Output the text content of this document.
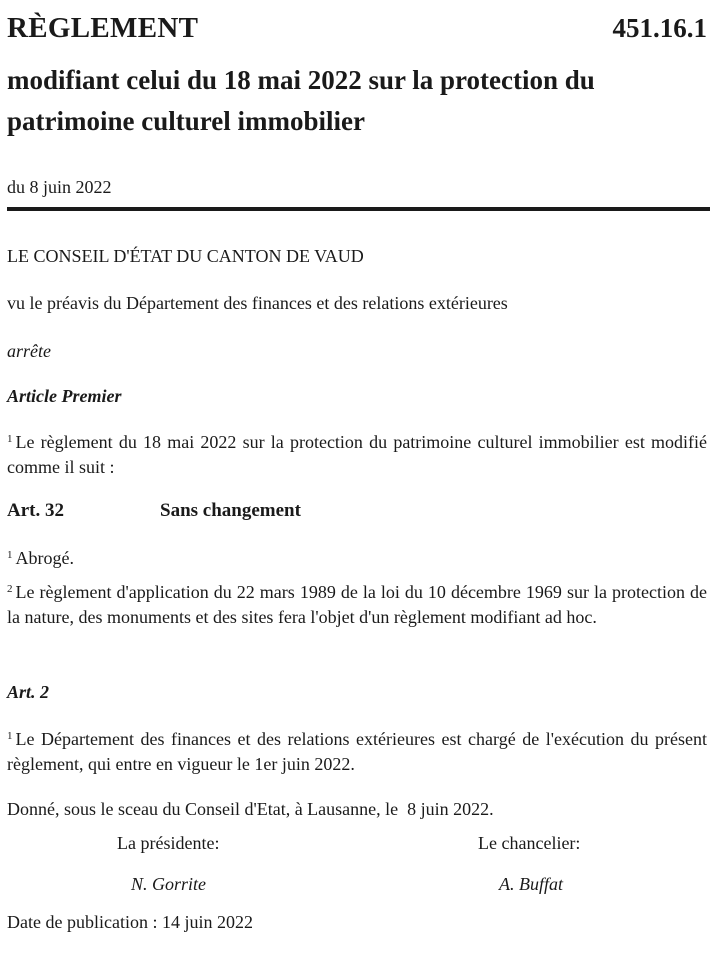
RÈGLEMENT	451.16.1
modifiant celui du 18 mai 2022 sur la protection du patrimoine culturel immobilier
du 8 juin 2022
LE CONSEIL D'ÉTAT DU CANTON DE VAUD
vu le préavis du Département des finances et des relations extérieures
arrête
Article Premier
$^1$ Le règlement du 18 mai 2022 sur la protection du patrimoine culturel immobilier est modifié comme il suit :
Art. 32	Sans changement
$^1$ Abrogé.
$^2$ Le règlement d'application du 22 mars 1989 de la loi du 10 décembre 1969 sur la protection de la nature, des monuments et des sites fera l'objet d'un règlement modifiant ad hoc.
Art. 2
$^1$ Le Département des finances et des relations extérieures est chargé de l'exécution du présent règlement, qui entre en vigueur le 1er juin 2022.
Donné, sous le sceau du Conseil d'Etat, à Lausanne, le  8 juin 2022.
La présidente:	Le chancelier:
N. Gorrite	A. Buffat
Date de publication : 14 juin 2022
